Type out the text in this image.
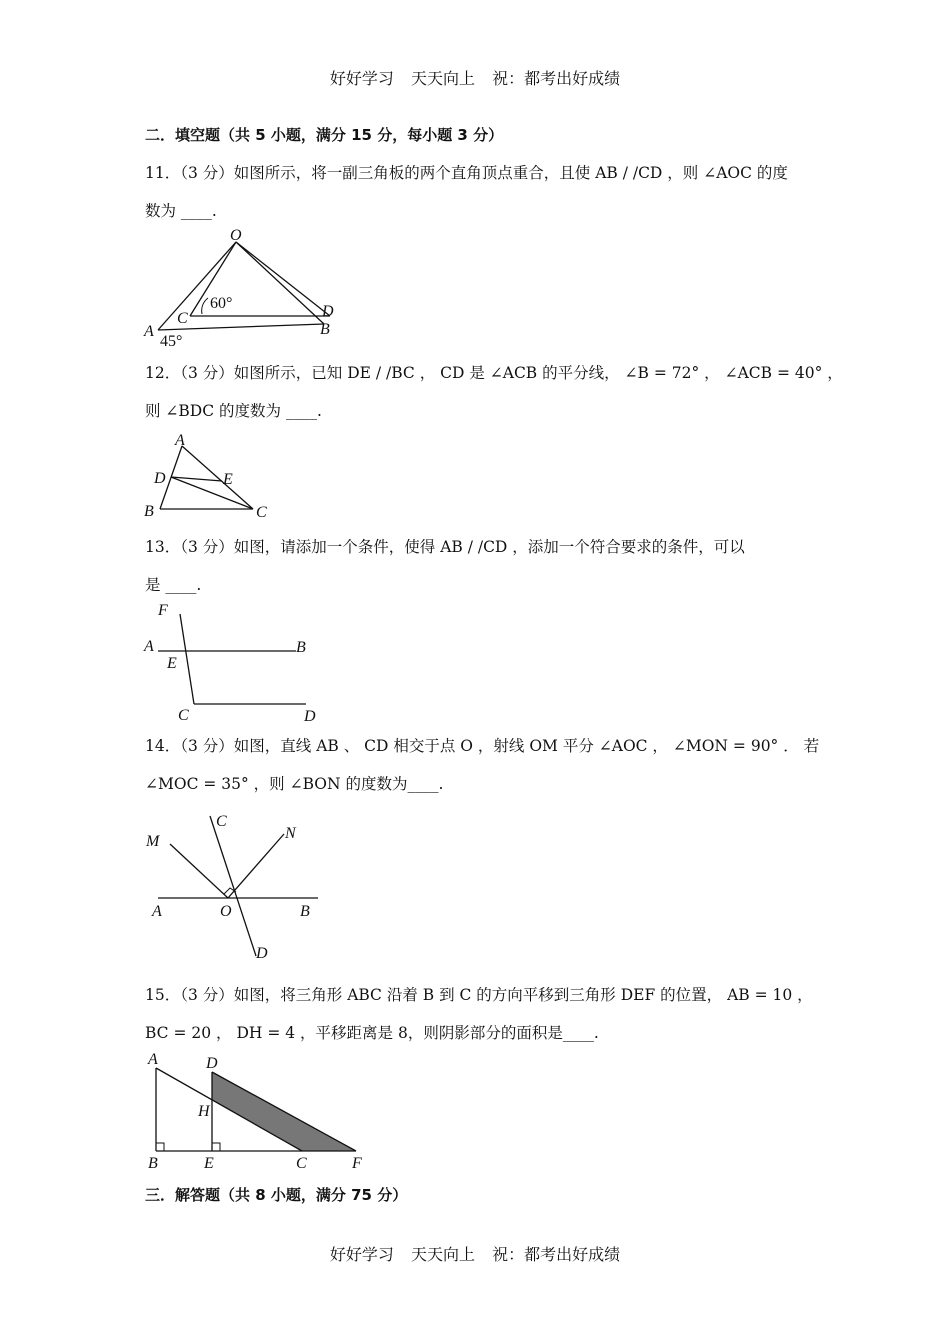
好好学习 天天向上 祝：都考出好成绩
二．填空题（共 5 小题，满分 15 分，每小题 3 分）
11．（3 分）如图所示，将一副三角板的两个直角顶点重合，且使 AB / /CD ，则 ∠AOC 的度
数为 ____.
O
A
C	D
B
60°
45°
12．（3 分）如图所示，已知 DE / /BC ， CD 是 ∠ACB 的平分线， ∠B = 72° ， ∠ACB = 40° ，
则 ∠BDC 的度数为 ____.
A
D	E
B	C
13．（3 分）如图，请添加一个条件，使得 AB / /CD ，添加一个符合要求的条件，可以
是 ____.
F
A	B
E
C	D
14．（3 分）如图，直线 AB 、 CD 相交于点 O ，射线 OM 平分 ∠AOC ， ∠MON = 90° ． 若
∠MOC = 35° ，则 ∠BON 的度数为____.
C
N
M
A	O	B
D
15．（3 分）如图，将三角形 ABC 沿着 B 到 C 的方向平移到三角形 DEF 的位置， AB = 10 ，
BC = 20 ， DH = 4 ，平移距离是 8，则阴影部分的面积是____.
A	D
H
B	E	C	F
三．解答题（共 8 小题，满分 75 分）
好好学习 天天向上 祝：都考出好成绩
